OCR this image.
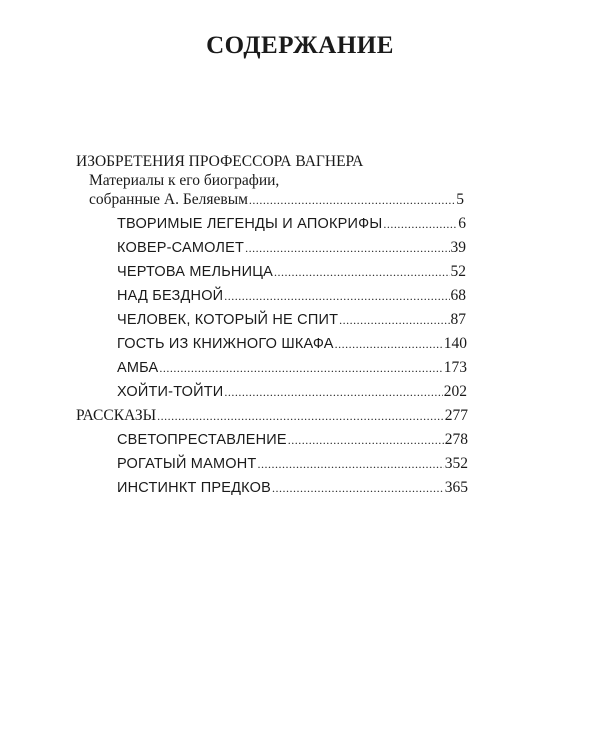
СОДЕРЖАНИЕ
ИЗОБРЕТЕНИЯ ПРОФЕССОРА ВАГНЕРА
Материалы к его биографии,
собранные А. Беляевым .....	5
ТВОРИМЫЕ ЛЕГЕНДЫ И АПОКРИФЫ .....	6
КОВЕР-САМОЛЕТ .....	39
ЧЕРТОВА МЕЛЬНИЦА .....	52
НАД БЕЗДНОЙ .....	68
ЧЕЛОВЕК, КОТОРЫЙ НЕ СПИТ .....	87
ГОСТЬ ИЗ КНИЖНОГО ШКАФА .....	140
АМБА .....	173
ХОЙТИ-ТОЙТИ .....	202
РАССКАЗЫ .....	277
СВЕТОПРЕСТАВЛЕНИЕ .....	278
РОГАТЫЙ МАМОНТ .....	352
ИНСТИНКТ ПРЕДКОВ .....	365
